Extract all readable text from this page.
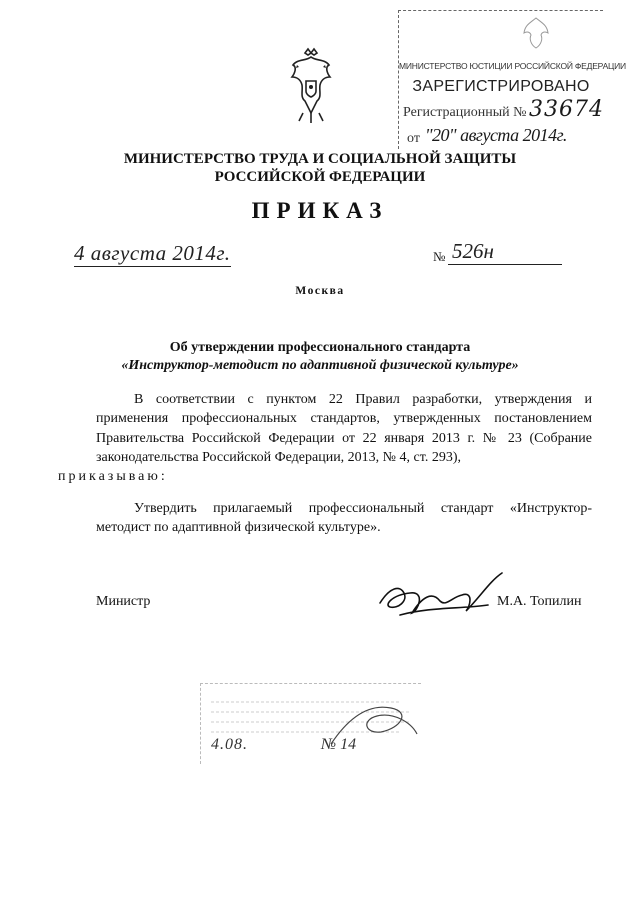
МИНИСТЕРСТВО ЮСТИЦИИ РОССИЙСКОЙ ФЕДЕРАЦИИ
ЗАРЕГИСТРИРОВАНО
Регистрационный № 33674
от "20" августа 2014г.
МИНИСТЕРСТВО ТРУДА И СОЦИАЛЬНОЙ ЗАЩИТЫ
РОССИЙСКОЙ ФЕДЕРАЦИИ
ПРИКАЗ
4 августа 2014г.	№ 526н
Москва
Об утверждении профессионального стандарта
«Инструктор-методист по адаптивной физической культуре»
В соответствии с пунктом 22 Правил разработки, утверждения и применения профессиональных стандартов, утвержденных постановлением Правительства Российской Федерации от 22 января 2013 г. № 23 (Собрание законодательства Российской Федерации, 2013, № 4, ст. 293),
приказываю:
Утвердить прилагаемый профессиональный стандарт «Инструктор-методист по адаптивной физической культуре».
Министр	М.А. Топилин
4.08.	№ 14
